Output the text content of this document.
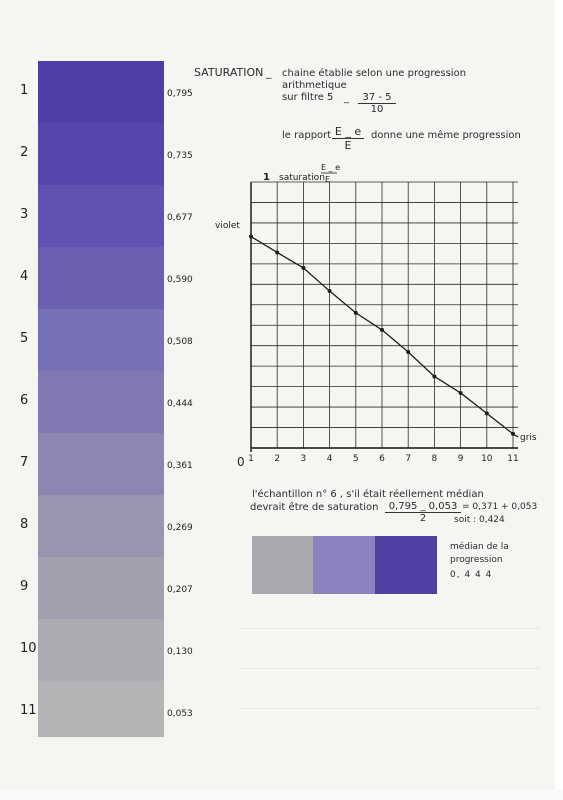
1	0,795
2	0,735
3	0,677
4	0,590
5	0,508
6	0,444
7	0,361
8	0,269
9	0,207
10	0,130
11	0,053
SATURATION _ chaine établie selon une progression
arithmetique
sur filtre 5 _ $\frac{37 - 5}{10}$
le rapport $\frac{E \_ e}{E}$ donne une même progression
1 2 3 4 5 6 7 8 9 10 11
0
1 saturation
E _ e
E
violet
gris
l'échantillon n° 6 , s'il était réellement médian
devrait être de saturation $\frac{0,795 \_ 0,053}{2} = 0,371 + 0,053$
soit : 0,424
médian de la
progression
0, 4 4 4
